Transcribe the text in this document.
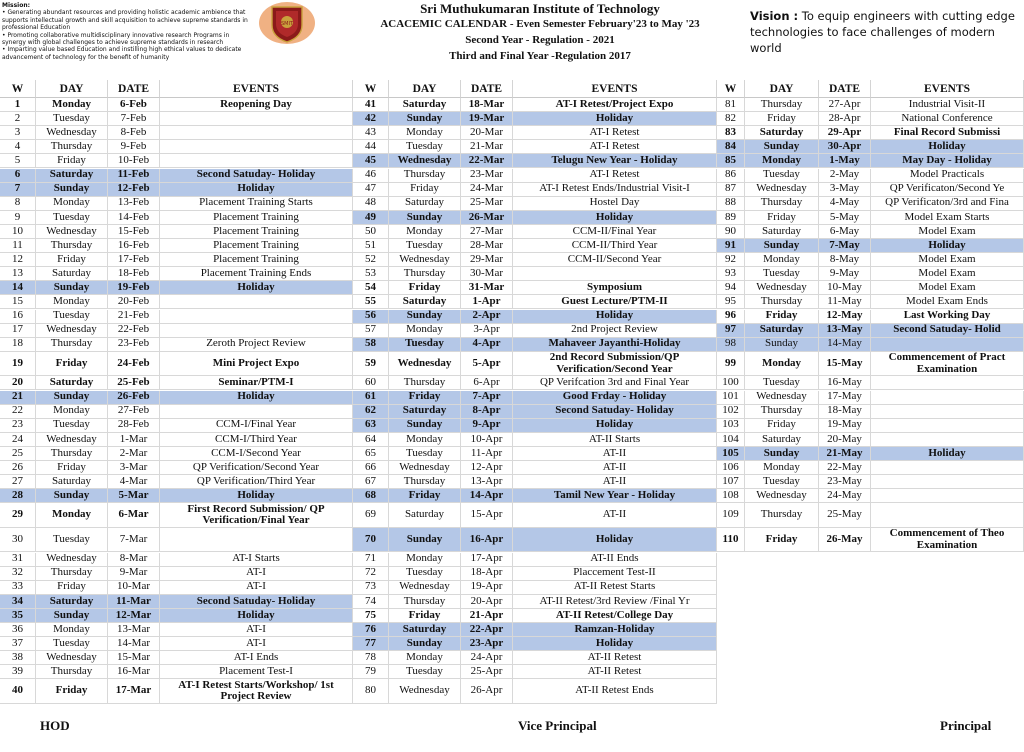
Mission:

• Generating abundant resources and providing holistic academic ambience that supports intellectual growth and skill acquisition to achieve supreme standards in professional Education

• Promoting collaborative multidisciplinary innovative research Programs in synergy with global challenges to achieve supreme standards in research

• Imparting value based Education and instilling high ethical values to dedicate advancement of technology for the benefit of humanity

SMIT
Sri Muthukumaran Institute of Technology
ACACEMIC CALENDAR - Even Semester February'23 to May '23
Second Year - Regulation - 2021
Third and Final Year -Regulation 2017
Vision : To equip engineers with cutting edge technologies to face challenges of modern world
W	DAY	DATE	EVENTS
1	Monday	6-Feb	Reopening Day
2	Tuesday	7-Feb
3	Wednesday	8-Feb
4	Thursday	9-Feb
5	Friday	10-Feb
6	Saturday	11-Feb	Second Satuday- Holiday
7	Sunday	12-Feb	Holiday
8	Monday	13-Feb	Placement Training Starts
9	Tuesday	14-Feb	Placement Training
10	Wednesday	15-Feb	Placement Training
11	Thursday	16-Feb	Placement Training
12	Friday	17-Feb	Placement Training
13	Saturday	18-Feb	Placement Training Ends
14	Sunday	19-Feb	Holiday
15	Monday	20-Feb
16	Tuesday	21-Feb
17	Wednesday	22-Feb
18	Thursday	23-Feb	Zeroth Project Review
19	Friday	24-Feb	Mini Project Expo
20	Saturday	25-Feb	Seminar/PTM-I
21	Sunday	26-Feb	Holiday
22	Monday	27-Feb
23	Tuesday	28-Feb	CCM-I/Final Year
24	Wednesday	1-Mar	CCM-I/Third Year
25	Thursday	2-Mar	CCM-I/Second Year
26	Friday	3-Mar	QP Verification/Second Year
27	Saturday	4-Mar	QP Verification/Third Year
28	Sunday	5-Mar	Holiday
29	Monday	6-Mar	First Record Submission/ QP Verification/Final Year
30	Tuesday	7-Mar
31	Wednesday	8-Mar	AT-I Starts
32	Thursday	9-Mar	AT-I
33	Friday	10-Mar	AT-I
34	Saturday	11-Mar	Second Satuday- Holiday
35	Sunday	12-Mar	Holiday
36	Monday	13-Mar	AT-I
37	Tuesday	14-Mar	AT-I
38	Wednesday	15-Mar	AT-I Ends
39	Thursday	16-Mar	Placement Test-I
40	Friday	17-Mar	AT-I Retest Starts/Workshop/ 1st Project Review
W	DAY	DATE	EVENTS
41	Saturday	18-Mar	AT-I Retest/Project Expo
42	Sunday	19-Mar	Holiday
43	Monday	20-Mar	AT-I Retest
44	Tuesday	21-Mar	AT-I Retest
45	Wednesday	22-Mar	Telugu New Year - Holiday
46	Thursday	23-Mar	AT-I Retest
47	Friday	24-Mar	AT-I Retest Ends/Industrial Visit-I
48	Saturday	25-Mar	Hostel Day
49	Sunday	26-Mar	Holiday
50	Monday	27-Mar	CCM-II/Final Year
51	Tuesday	28-Mar	CCM-II/Third Year
52	Wednesday	29-Mar	CCM-II/Second Year
53	Thursday	30-Mar
54	Friday	31-Mar	Symposium
55	Saturday	1-Apr	Guest Lecture/PTM-II
56	Sunday	2-Apr	Holiday
57	Monday	3-Apr	2nd Project Review
58	Tuesday	4-Apr	Mahaveer Jayanthi-Holiday
59	Wednesday	5-Apr	2nd Record Submission/QP Verification/Second Year
60	Thursday	6-Apr	QP Verifcation 3rd and Final Year
61	Friday	7-Apr	Good Frday - Holiday
62	Saturday	8-Apr	Second Satuday- Holiday
63	Sunday	9-Apr	Holiday
64	Monday	10-Apr	AT-II Starts
65	Tuesday	11-Apr	AT-II
66	Wednesday	12-Apr	AT-II
67	Thursday	13-Apr	AT-II
68	Friday	14-Apr	Tamil New Year - Holiday
69	Saturday	15-Apr	AT-II
70	Sunday	16-Apr	Holiday
71	Monday	17-Apr	AT-II Ends
72	Tuesday	18-Apr	Placcement Test-II
73	Wednesday	19-Apr	AT-II Retest Starts
74	Thursday	20-Apr	AT-II Retest/3rd Review /Final Yr
75	Friday	21-Apr	AT-II Retest/College Day
76	Saturday	22-Apr	Ramzan-Holiday
77	Sunday	23-Apr	Holiday
78	Monday	24-Apr	AT-II Retest
79	Tuesday	25-Apr	AT-II Retest
80	Wednesday	26-Apr	AT-II Retest Ends
W	DAY	DATE	EVENTS
81	Thursday	27-Apr	Industrial Visit-II
82	Friday	28-Apr	National Conference
83	Saturday	29-Apr	Final Record Submissi
84	Sunday	30-Apr	Holiday
85	Monday	1-May	May Day - Holiday
86	Tuesday	2-May	Model Practicals
87	Wednesday	3-May	QP Verificaton/Second Ye
88	Thursday	4-May	QP Verificaton/3rd and Fina
89	Friday	5-May	Model Exam Starts
90	Saturday	6-May	Model Exam
91	Sunday	7-May	Holiday
92	Monday	8-May	Model Exam
93	Tuesday	9-May	Model Exam
94	Wednesday	10-May	Model Exam
95	Thursday	11-May	Model Exam Ends
96	Friday	12-May	Last Working Day
97	Saturday	13-May	Second Satuday- Holid
98	Sunday	14-May
99	Monday	15-May	Commencement of Pract Examination
100	Tuesday	16-May
101	Wednesday	17-May
102	Thursday	18-May
103	Friday	19-May
104	Saturday	20-May
105	Sunday	21-May	Holiday
106	Monday	22-May
107	Tuesday	23-May
108	Wednesday	24-May
109	Thursday	25-May
110	Friday	26-May	Commencement of Theo Examination
HOD	Vice Principal	Principal
